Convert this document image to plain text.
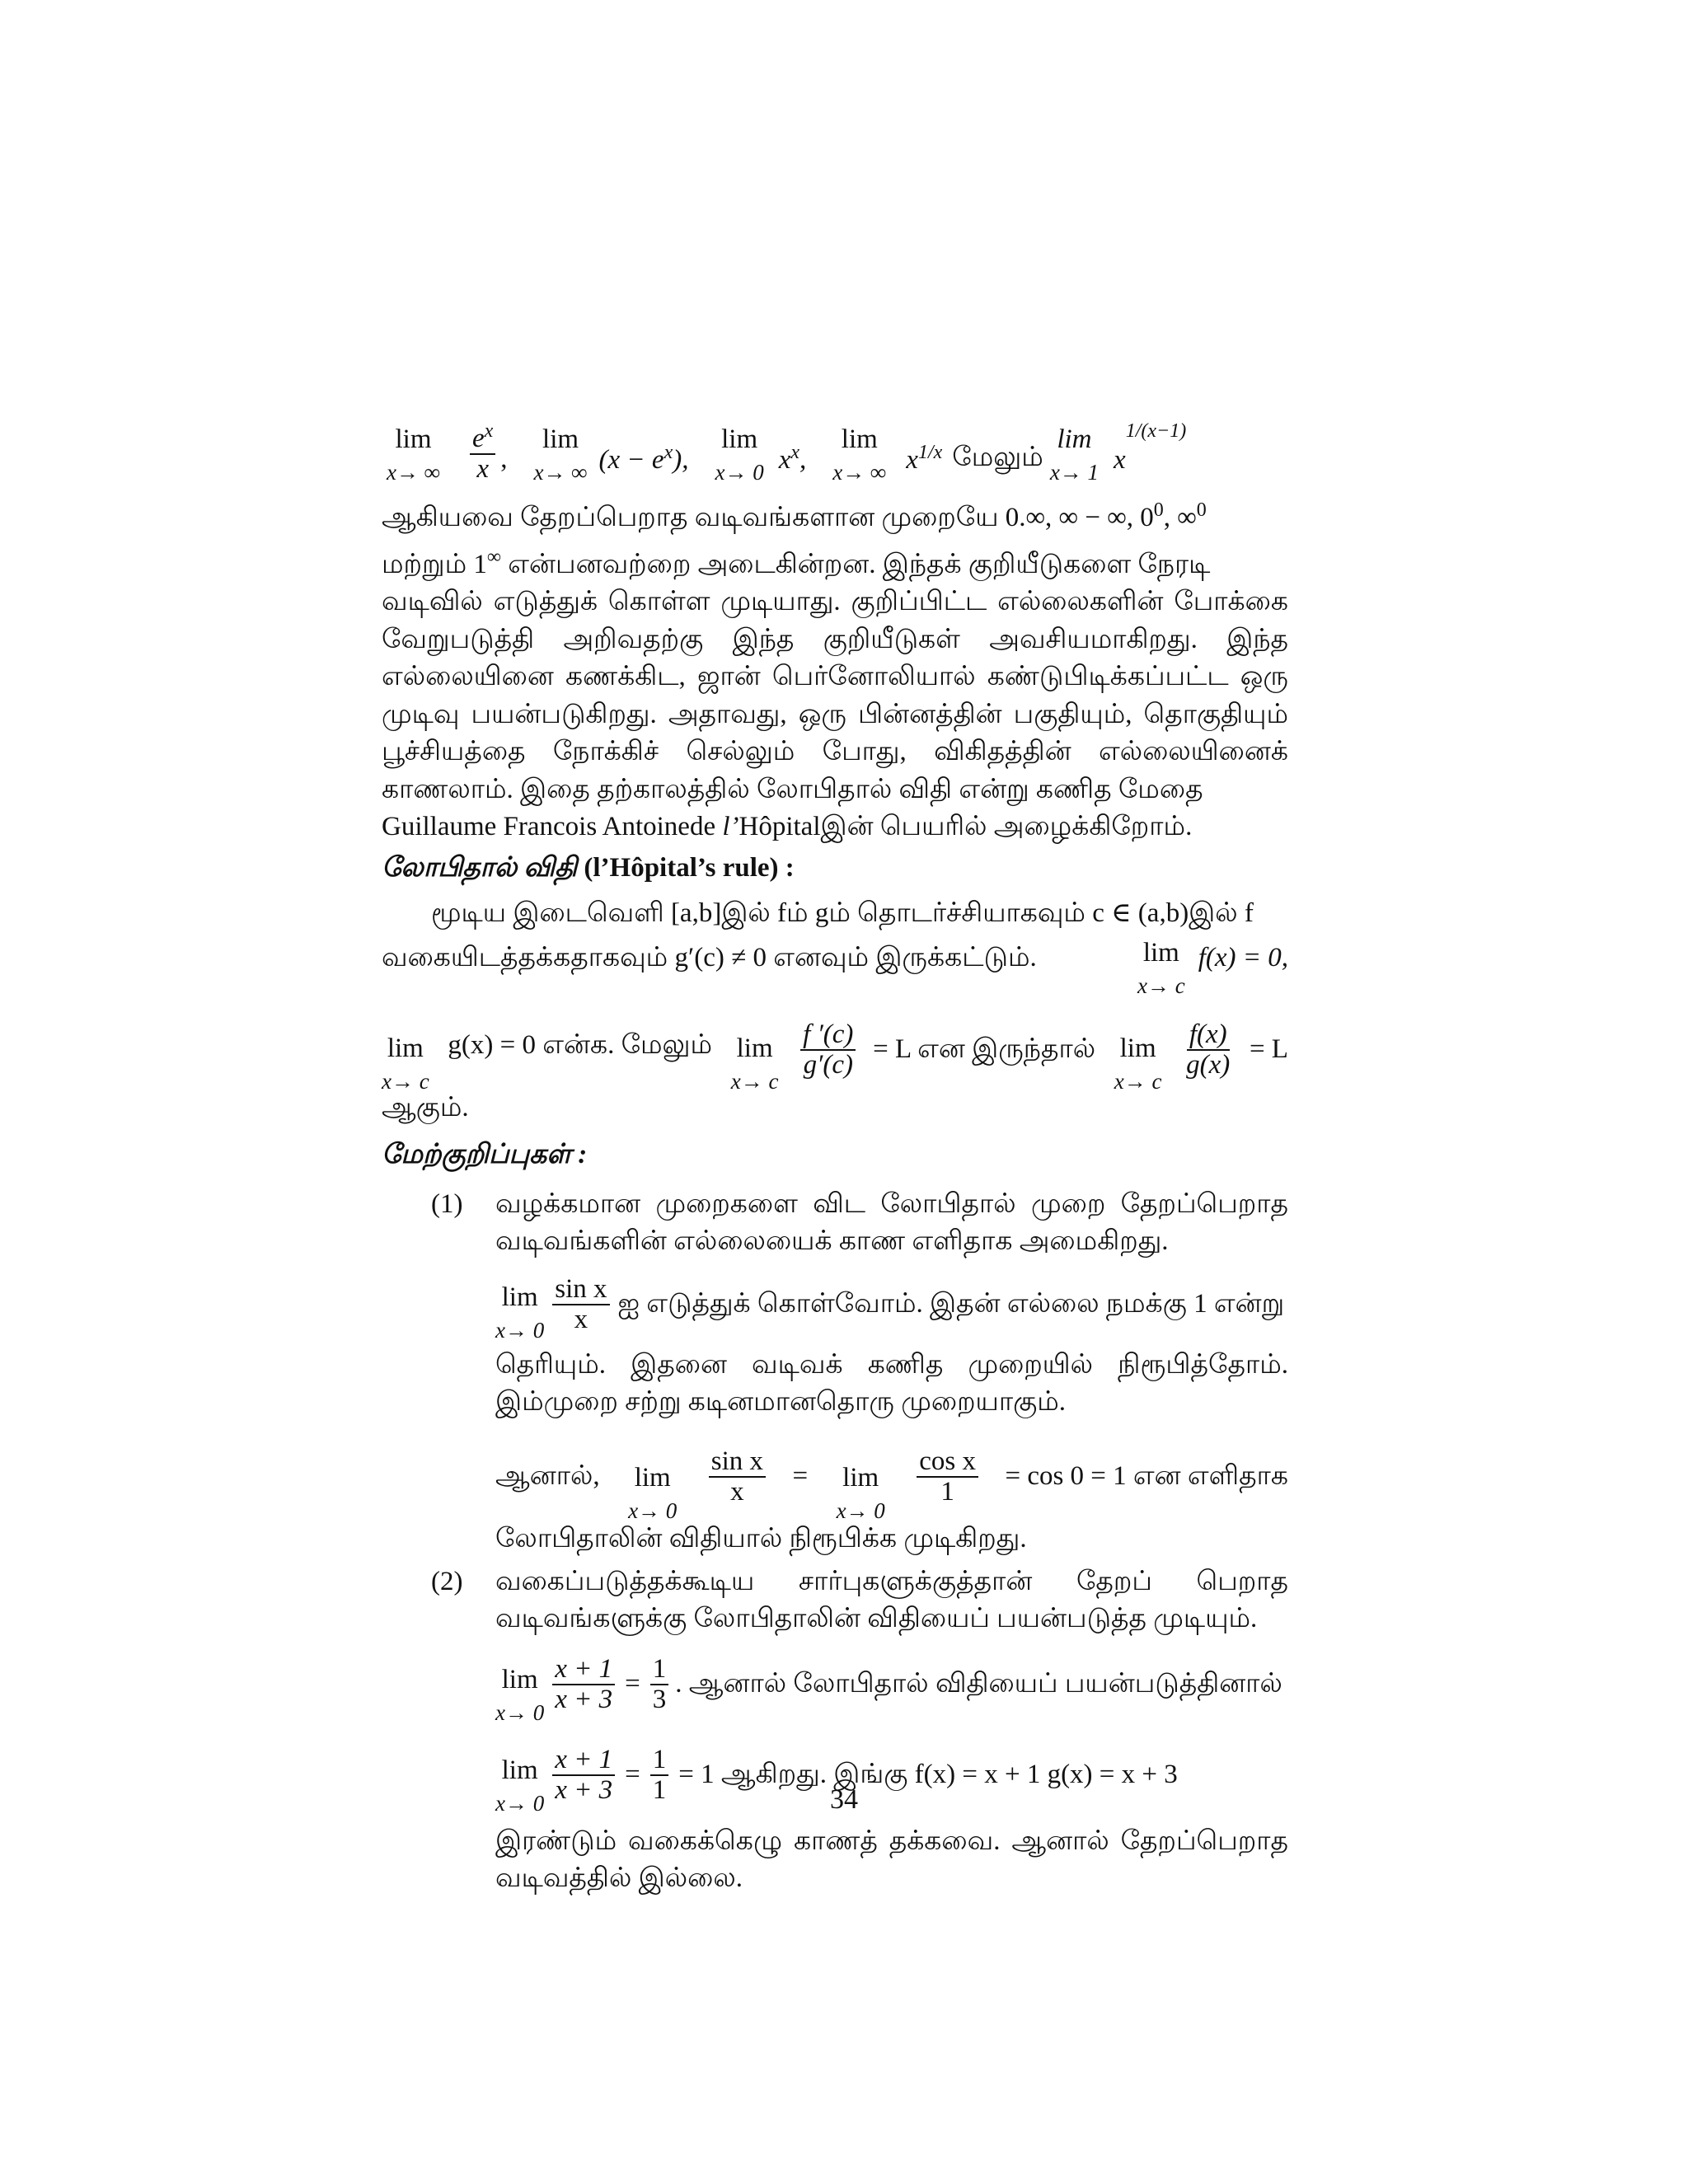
lim
x→ ∞ $\frac{e^x}{x}$ ,
lim
x→ ∞ $(x - e^x)$,
lim
x→ 0 $x^x$,
lim
x→ ∞ $x^{1/x}$ மேலும்
lim
x→ 1 $x^{1/(x-1)}$
ஆகியவை தேறப்பெறாத வடிவங்களான முறையே 0.∞, ∞ − ∞, $0^0$, ∞$^0$
மற்றும் 1∞ என்பனவற்றை அடைகின்றன. இந்தக் குறியீடுகளை நேரடி
வடிவில் எடுத்துக் கொள்ள முடியாது. குறிப்பிட்ட எல்லைகளின் போக்கை வேறுபடுத்தி அறிவதற்கு இந்த குறியீடுகள் அவசியமாகிறது. இந்த எல்லையினை கணக்கிட, ஜான் பெர்னோலியால் கண்டுபிடிக்கப்பட்ட ஒரு முடிவு பயன்படுகிறது. அதாவது, ஒரு பின்னத்தின் பகுதியும், தொகுதியும் பூச்சியத்தை நோக்கிச் செல்லும் போது, விகிதத்தின் எல்லையினைக் காணலாம். இதை தற்காலத்தில் லோபிதால் விதி என்று கணித மேதை
Guillaume Francois Antoinede l’Hôpitalஇன் பெயரில் அழைக்கிறோம்.
லோபிதால் விதி (l’Hôpital’s rule) :
மூடிய இடைவெளி [a,b]இல் fம் gம் தொடர்ச்சியாகவும் c ∈ (a,b)இல் f
வகையிடத்தக்கதாகவும் g′(c) ≠ 0 எனவும் இருக்கட்டும்.	lim
x→ c
f(x) = 0,
lim
x→ c
g(x) = 0 என்க. மேலும் lim
x→ c
$\frac{f '(c)}{g'(c)} = L$ என இருந்தால் lim
x→ c
$\frac{f(x)}{g(x)} = L$
ஆகும்.
மேற்குறிப்புகள் :
(1) வழக்கமான முறைகளை விட லோபிதால் முறை தேறப்பெறாத வடிவங்களின் எல்லையைக் காண எளிதாக அமைகிறது.
lim
$x\to 0 \frac{\text{sin x}}{x}$ ஐ எடுத்துக் கொள்வோம். இதன் எல்லை நமக்கு 1 என்று
தெரியும். இதனை வடிவக் கணித முறையில் நிரூபித்தோம். இம்முறை சற்று கடினமானதொரு முறையாகும்.
ஆனால், lim
x→ 0
$\frac{\text{sin x}}{x} = \lim$
x→ 0
$\frac{\text{cos x}}{1} = \cos 0 = 1$ என எளிதாக
லோபிதாலின் விதியால் நிரூபிக்க முடிகிறது.
(2) வகைப்படுத்தக்கூடிய சார்புகளுக்குத்தான் தேறப் பெறாத வடிவங்களுக்கு லோபிதாலின் விதியைப் பயன்படுத்த முடியும்.
lim
$x\to 0 \frac{x + 1}{x + 3} = \frac{1}{3}$ . ஆனால் லோபிதால் விதியைப் பயன்படுத்தினால்
lim
$x\to 0 \frac{x + 1}{x + 3} = \frac{1}{1} = 1$ ஆகிறது. இங்கு f(x) = x + 1 g(x) = x + 3
இரண்டும் வகைக்கெழு காணத் தக்கவை. ஆனால் தேறப்பெறாத வடிவத்தில் இல்லை.
34
